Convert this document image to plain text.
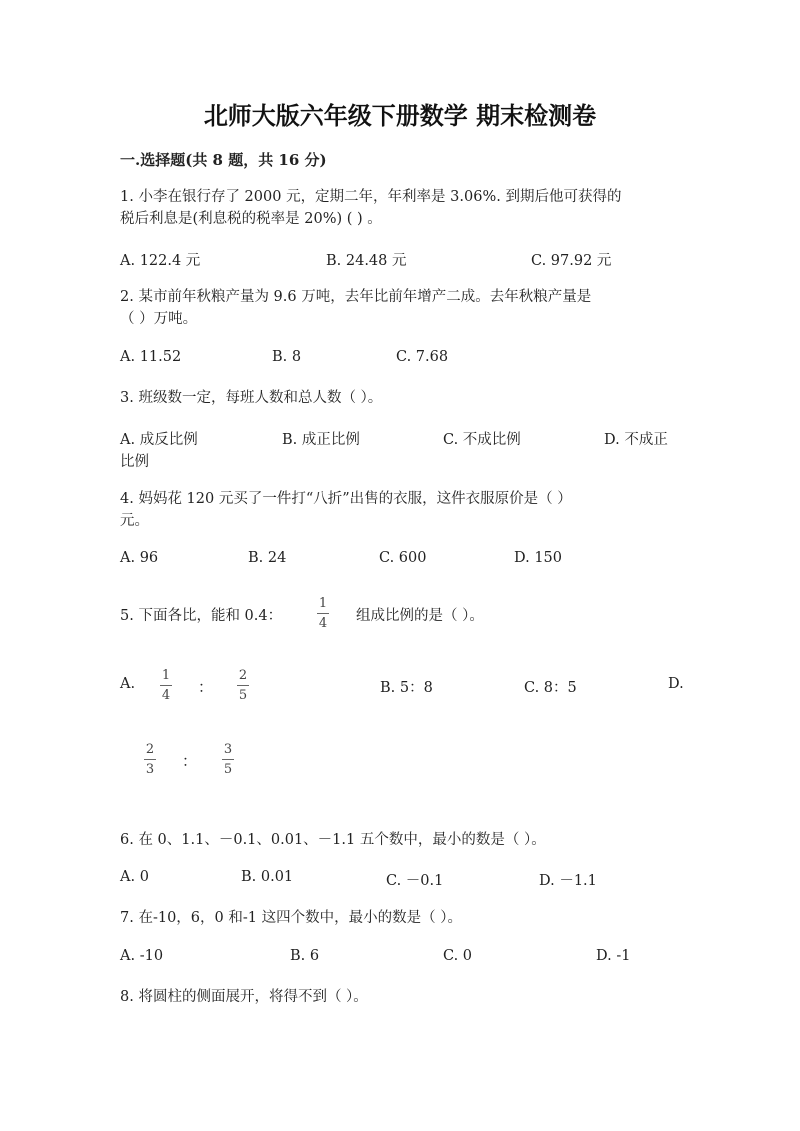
北师大版六年级下册数学 期末检测卷
一.选择题(共 8 题，共 16 分)
1. 小李在银行存了 2000 元，定期二年，年利率是 3.06%. 到期后他可获得的
税后利息是(利息税的税率是 20%) ( ) 。
A. 122.4 元	B. 24.48 元	C. 97.92 元
2. 某市前年秋粮产量为 9.6 万吨，去年比前年增产二成。去年秋粮产量是
（ ）万吨。
A. 11.52	B. 8	C. 7.68
3. 班级数一定，每班人数和总人数（ ）。
A. 成反比例	B. 成正比例	C. 不成比例	D. 不成正
比例
4. 妈妈花 120 元买了一件打“八折”出售的衣服，这件衣服原价是（ ）
元。
A. 96	B. 24	C. 600	D. 150
5. 下面各比，能和 0.4：
1
4 组成比例的是（ ）。
A.
1
4 ：
2
5	B. 5：8	C. 8：5	D.
2
3 ：
3
5
6. 在 0、1.1、－0.1、0.01、－1.1 五个数中，最小的数是（ ）。
A. 0	B. 0.01	C. －0.1	D. －1.1
7. 在-10，6，0 和-1 这四个数中，最小的数是（ ）。
A. -10	B. 6	C. 0	D. -1
8. 将圆柱的侧面展开，将得不到（ ）。
